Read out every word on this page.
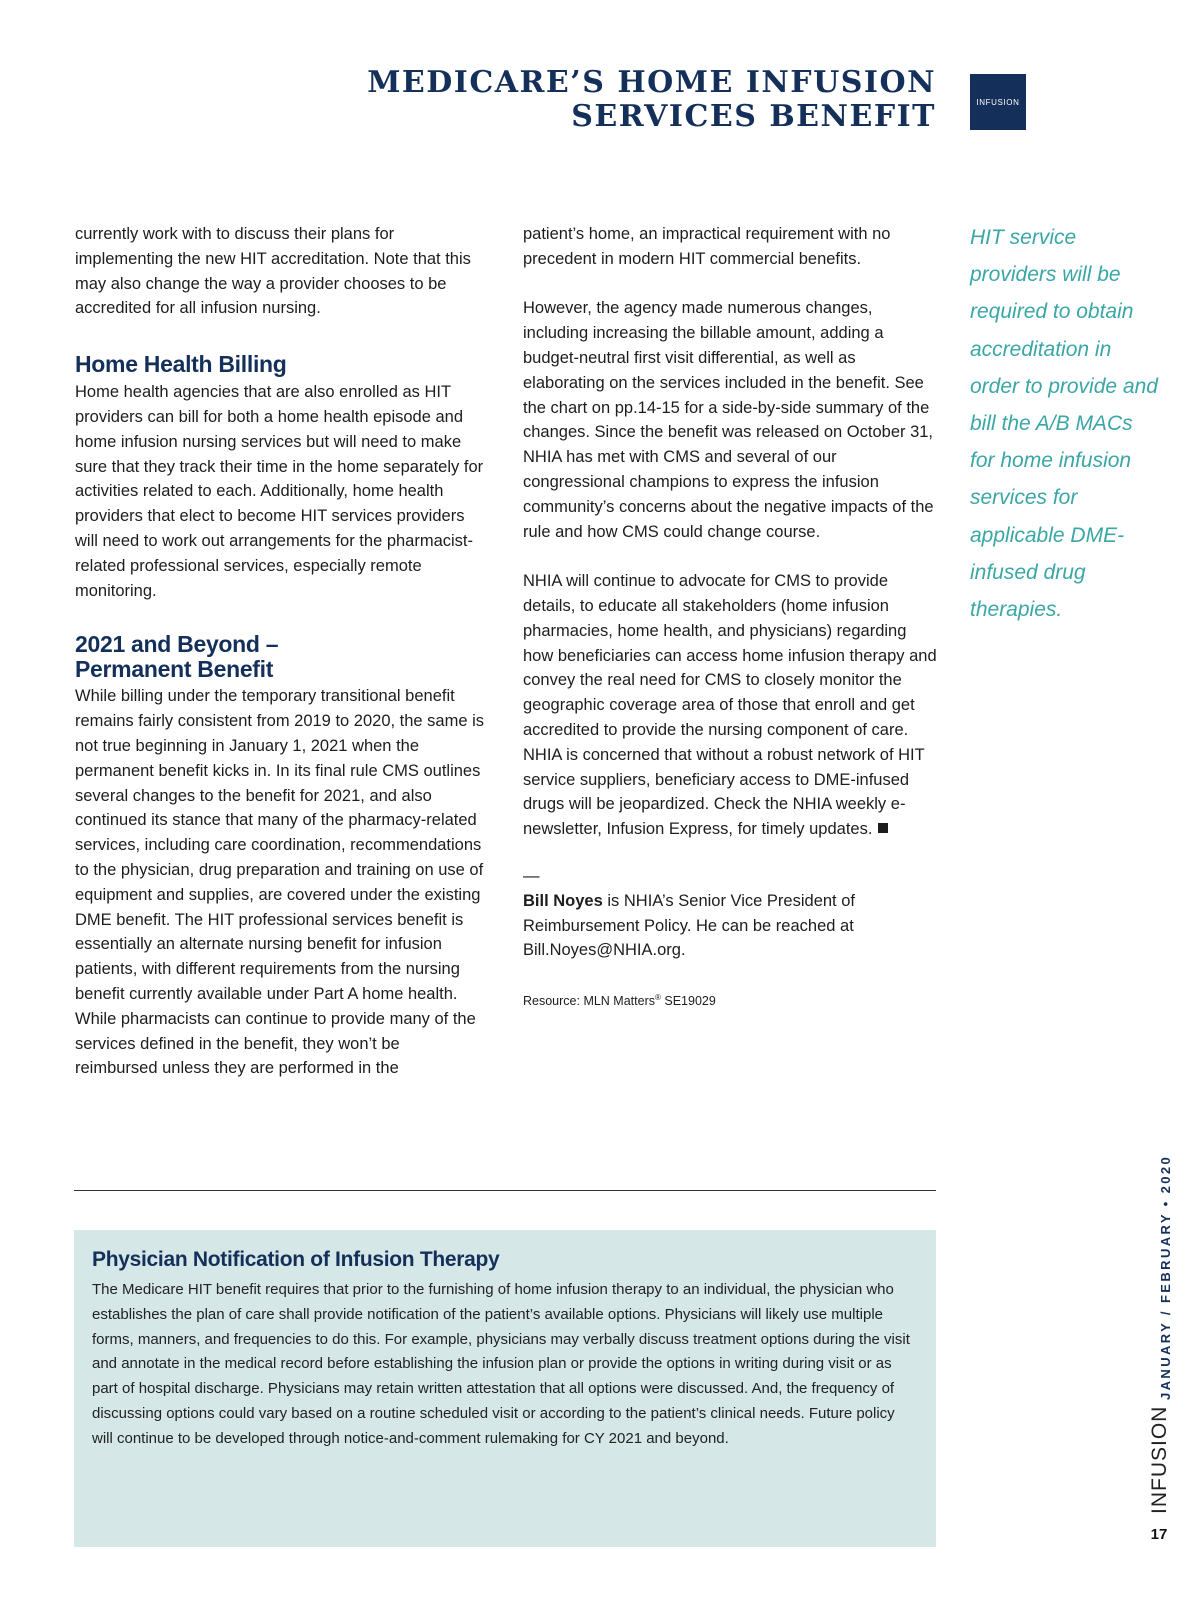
MEDICARE’S HOME INFUSION
SERVICES BENEFIT	INFUSION

currently work with to discuss their plans for implementing the new HIT accreditation. Note that this may also change the way a provider chooses to be accredited for all infusion nursing.

Home Health Billing

Home health agencies that are also enrolled as HIT providers can bill for both a home health episode and home infusion nursing services but will need to make sure that they track their time in the home separately for activities related to each. Additionally, home health providers that elect to become HIT services providers will need to work out arrangements for the pharmacist-related professional services, especially remote monitoring.

2021 and Beyond –
Permanent Benefit

While billing under the temporary transitional benefit remains fairly consistent from 2019 to 2020, the same is not true beginning in January 1, 2021 when the permanent benefit kicks in. In its final rule CMS outlines several changes to the benefit for 2021, and also continued its stance that many of the pharmacy-related services, including care coordination, recommendations to the physician, drug preparation and training on use of equipment and supplies, are covered under the existing DME benefit. The HIT professional services benefit is essentially an alternate nursing benefit for infusion patients, with different requirements from the nursing benefit currently available under Part A home health. While pharmacists can continue to provide many of the services defined in the benefit, they won’t be reimbursed unless they are performed in the

patient’s home, an impractical requirement with no precedent in modern HIT commercial benefits.

However, the agency made numerous changes, including increasing the billable amount, adding a budget-neutral first visit differential, as well as elaborating on the services included in the benefit. See the chart on pp.14-15 for a side-by-side summary of the changes. Since the benefit was released on October 31, NHIA has met with CMS and several of our congressional champions to express the infusion community’s concerns about the negative impacts of the rule and how CMS could change course.

NHIA will continue to advocate for CMS to provide details, to educate all stakeholders (home infusion pharmacies, home health, and physicians) regarding how beneficiaries can access home infusion therapy and convey the real need for CMS to closely monitor the geographic coverage area of those that enroll and get accredited to provide the nursing component of care. NHIA is concerned that without a robust network of HIT service suppliers, beneficiary access to DME-infused drugs will be jeopardized. Check the NHIA weekly e-newsletter, Infusion Express, for timely updates.

—

Bill Noyes is NHIA’s Senior Vice President of Reimbursement Policy. He can be reached at Bill.Noyes@NHIA.org.

Resource: MLN Matters® SE19029

HIT service providers will be required to obtain accreditation in order to provide and bill the A/B MACs for home infusion services for applicable DME-infused drug therapies.

Physician Notification of Infusion Therapy

The Medicare HIT benefit requires that prior to the furnishing of home infusion therapy to an individual, the physician who establishes the plan of care shall provide notification of the patient’s available options. Physicians will likely use multiple forms, manners, and frequencies to do this. For example, physicians may verbally discuss treatment options during the visit and annotate in the medical record before establishing the infusion plan or provide the options in writing during visit or as part of hospital discharge. Physicians may retain written attestation that all options were discussed. And, the frequency of discussing options could vary based on a routine scheduled visit or according to the patient’s clinical needs. Future policy will continue to be developed through notice-and-comment rulemaking for CY 2021 and beyond.

JANUARY / FEBRUARY • 2020
INFUSION
17
